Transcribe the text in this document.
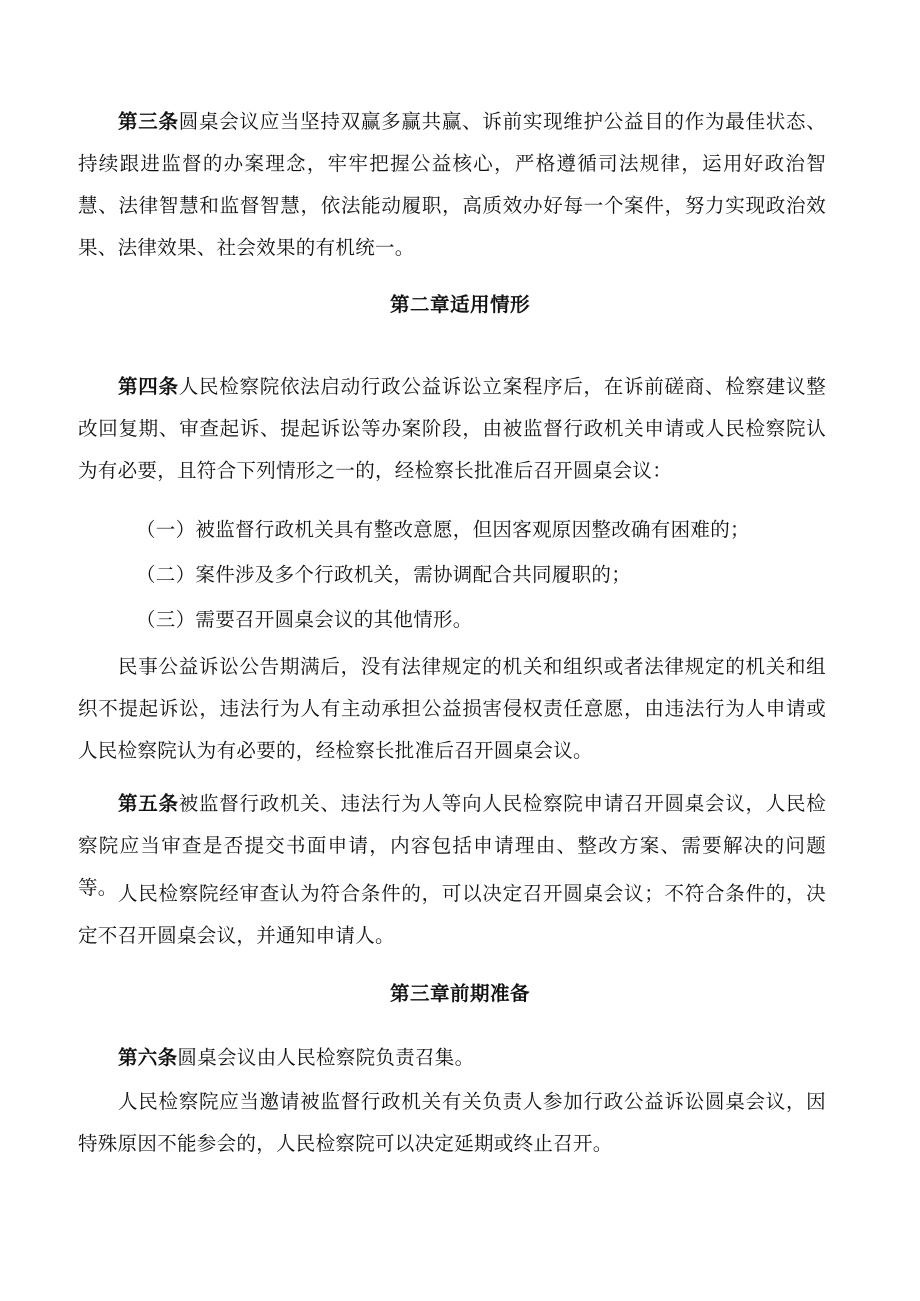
第三条圆桌会议应当坚持双赢多赢共赢、诉前实现维护公益目的作为最佳状态、持续跟进监督的办案理念，牢牢把握公益核心，严格遵循司法规律，运用好政治智慧、法律智慧和监督智慧，依法能动履职，高质效办好每一个案件，努力实现政治效果、法律效果、社会效果的有机统一。

第二章适用情形

第四条人民检察院依法启动行政公益诉讼立案程序后，在诉前磋商、检察建议整改回复期、审查起诉、提起诉讼等办案阶段，由被监督行政机关申请或人民检察院认为有必要，且符合下列情形之一的，经检察长批准后召开圆桌会议：

（一）被监督行政机关具有整改意愿，但因客观原因整改确有困难的；

（二）案件涉及多个行政机关，需协调配合共同履职的；

（三）需要召开圆桌会议的其他情形。

民事公益诉讼公告期满后，没有法律规定的机关和组织或者法律规定的机关和组织不提起诉讼，违法行为人有主动承担公益损害侵权责任意愿，由违法行为人申请或人民检察院认为有必要的，经检察长批准后召开圆桌会议。

第五条被监督行政机关、违法行为人等向人民检察院申请召开圆桌会议，人民检察院应当审查是否提交书面申请，内容包括申请理由、整改方案、需要解决的问题等。 人民检察院经审查认为符合条件的，可以决定召开圆桌会议；不符合条件的，决定不召开圆桌会议，并通知申请人。

第三章前期准备

第六条圆桌会议由人民检察院负责召集。

人民检察院应当邀请被监督行政机关有关负责人参加行政公益诉讼圆桌会议，因特殊原因不能参会的，人民检察院可以决定延期或终止召开。
